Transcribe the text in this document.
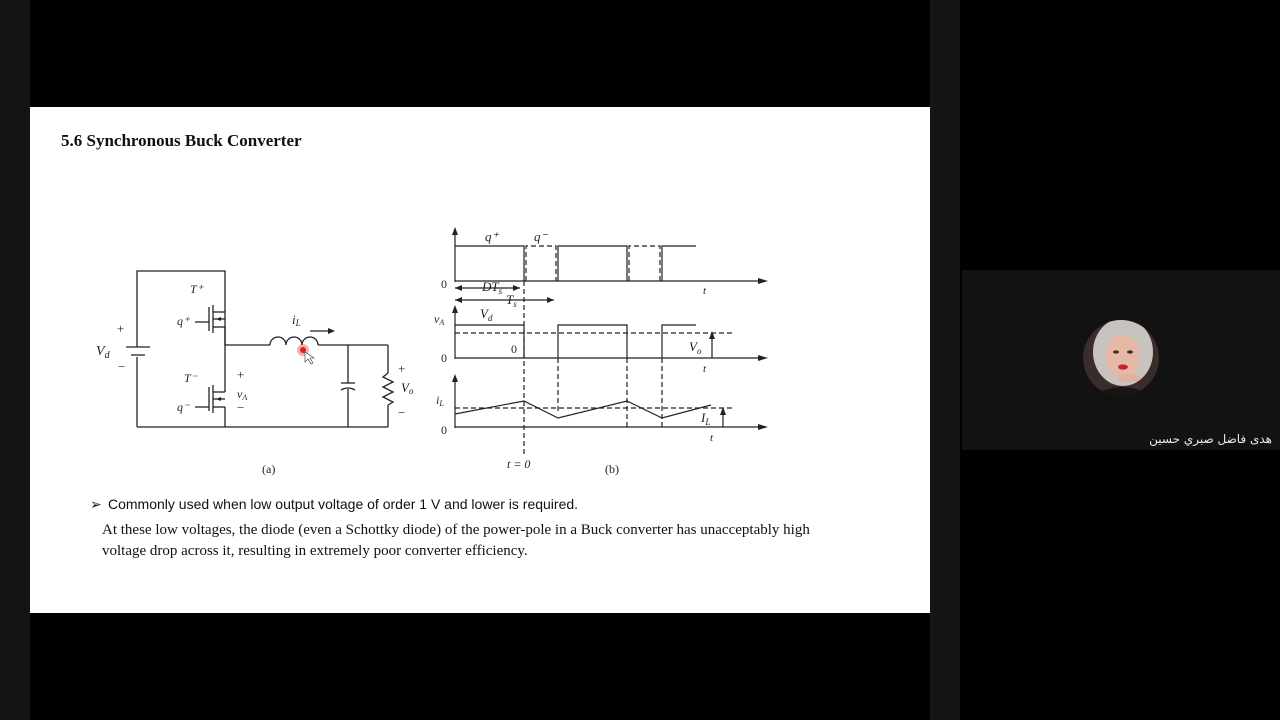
5.6 Synchronous Buck Converter
$V_d$
T⁺
q⁺
T⁻
q⁻
iL
vA
Vo
+
−
+
−
+
−
(a)
q⁺	q⁻
$DT_s$
$T_s$
t
vA
$V_d$
$V_o$
t
iL
$I_L$
t
t = 0
0
0
0
0
(b)
➢ Commonly used when low output voltage of order 1 V and lower is required.
At these low voltages, the diode (even a Schottky diode) of the power-pole in a Buck converter has unacceptably high voltage drop across it, resulting in extremely poor converter efficiency.
هدى فاضل صبري حسين
